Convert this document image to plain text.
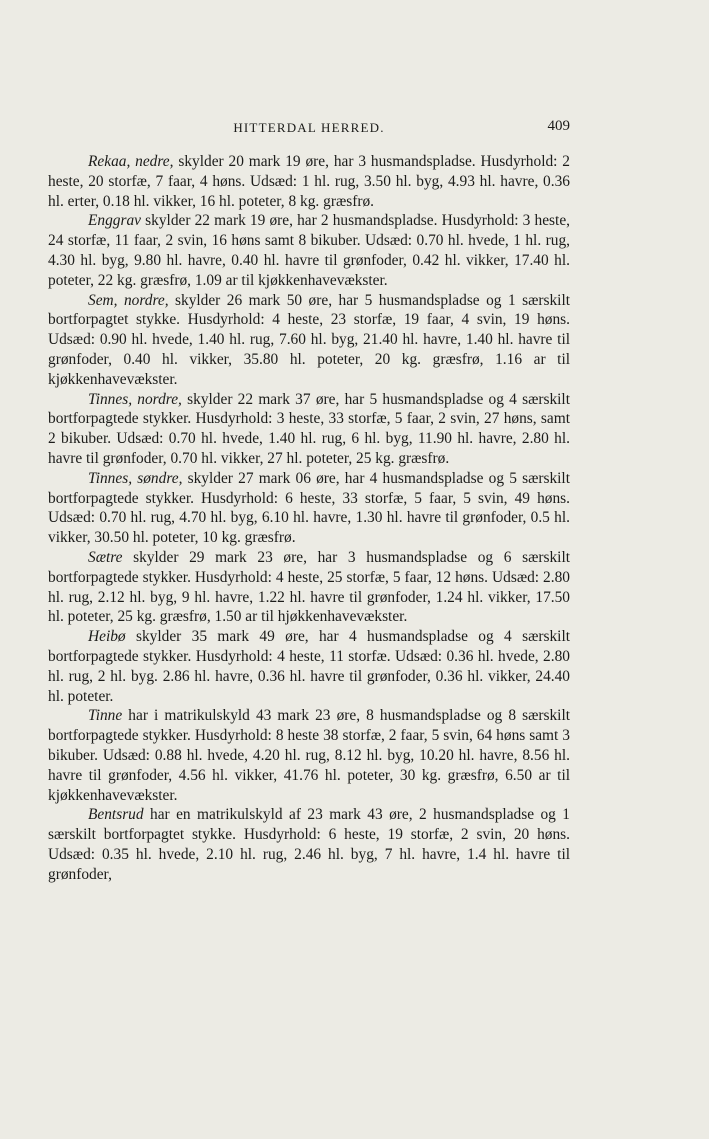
HITTERDAL HERRED.	409

Rekaa, nedre, skylder 20 mark 19 øre, har 3 husmandspladse. Husdyrhold: 2 heste, 20 storfæ, 7 faar, 4 høns. Udsæd: 1 hl. rug, 3.50 hl. byg, 4.93 hl. havre, 0.36 hl. erter, 0.18 hl. vikker, 16 hl. poteter, 8 kg. græsfrø.

Enggrav skylder 22 mark 19 øre, har 2 husmandspladse. Husdyrhold: 3 heste, 24 storfæ, 11 faar, 2 svin, 16 høns samt 8 bikuber. Udsæd: 0.70 hl. hvede, 1 hl. rug, 4.30 hl. byg, 9.80 hl. havre, 0.40 hl. havre til grønfoder, 0.42 hl. vikker, 17.40 hl. poteter, 22 kg. græsfrø, 1.09 ar til kjøkkenhavevækster.

Sem, nordre, skylder 26 mark 50 øre, har 5 husmandspladse og 1 særskilt bortforpagtet stykke. Husdyrhold: 4 heste, 23 storfæ, 19 faar, 4 svin, 19 høns. Udsæd: 0.90 hl. hvede, 1.40 hl. rug, 7.60 hl. byg, 21.40 hl. havre, 1.40 hl. havre til grønfoder, 0.40 hl. vikker, 35.80 hl. poteter, 20 kg. græsfrø, 1.16 ar til kjøkkenhavevækster.

Tinnes, nordre, skylder 22 mark 37 øre, har 5 husmandspladse og 4 særskilt bortforpagtede stykker. Husdyrhold: 3 heste, 33 storfæ, 5 faar, 2 svin, 27 høns, samt 2 bikuber. Udsæd: 0.70 hl. hvede, 1.40 hl. rug, 6 hl. byg, 11.90 hl. havre, 2.80 hl. havre til grønfoder, 0.70 hl. vikker, 27 hl. poteter, 25 kg. græsfrø.

Tinnes, søndre, skylder 27 mark 06 øre, har 4 husmandspladse og 5 særskilt bortforpagtede stykker. Husdyrhold: 6 heste, 33 storfæ, 5 faar, 5 svin, 49 høns. Udsæd: 0.70 hl. rug, 4.70 hl. byg, 6.10 hl. havre, 1.30 hl. havre til grønfoder, 0.5 hl. vikker, 30.50 hl. poteter, 10 kg. græsfrø.

Sætre skylder 29 mark 23 øre, har 3 husmandspladse og 6 særskilt bortforpagtede stykker. Husdyrhold: 4 heste, 25 storfæ, 5 faar, 12 høns. Udsæd: 2.80 hl. rug, 2.12 hl. byg, 9 hl. havre, 1.22 hl. havre til grønfoder, 1.24 hl. vikker, 17.50 hl. poteter, 25 kg. græsfrø, 1.50 ar til hjøkkenhavevækster.

Heibø skylder 35 mark 49 øre, har 4 husmandspladse og 4 særskilt bortforpagtede stykker. Husdyrhold: 4 heste, 11 storfæ. Udsæd: 0.36 hl. hvede, 2.80 hl. rug, 2 hl. byg. 2.86 hl. havre, 0.36 hl. havre til grønfoder, 0.36 hl. vikker, 24.40 hl. poteter.

Tinne har i matrikulskyld 43 mark 23 øre, 8 husmandspladse og 8 særskilt bortforpagtede stykker. Husdyrhold: 8 heste 38 storfæ, 2 faar, 5 svin, 64 høns samt 3 bikuber. Udsæd: 0.88 hl. hvede, 4.20 hl. rug, 8.12 hl. byg, 10.20 hl. havre, 8.56 hl. havre til grønfoder, 4.56 hl. vikker, 41.76 hl. poteter, 30 kg. græsfrø, 6.50 ar til kjøkkenhavevækster.

Bentsrud har en matrikulskyld af 23 mark 43 øre, 2 husmandspladse og 1 særskilt bortforpagtet stykke. Husdyrhold: 6 heste, 19 storfæ, 2 svin, 20 høns. Udsæd: 0.35 hl. hvede, 2.10 hl. rug, 2.46 hl. byg, 7 hl. havre, 1.4 hl. havre til grønfoder,
